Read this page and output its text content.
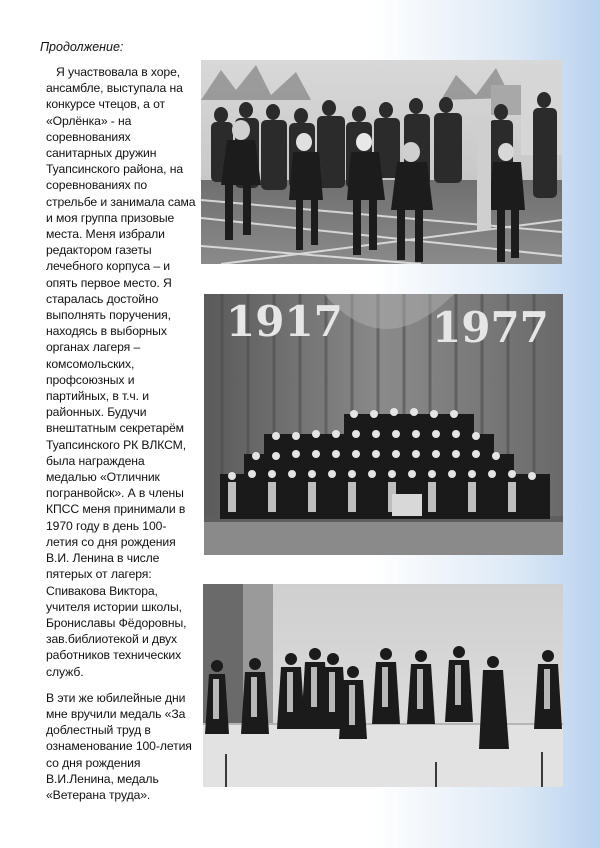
Продолжение:

Я участвовала в хоре, ансамбле, выступала на конкурсе чтецов, а от «Орлёнка» - на соревнованиях санитарных дружин Туапсинского района, на соревнованиях по стрельбе и занимала сама и моя группа призовые места. Меня избрали редактором газеты лечебного корпуса – и опять первое место. Я старалась достойно выполнять поручения, находясь в выборных органах лагеря – комсомольских, профсоюзных и партийных, в т.ч. и районных. Будучи внештатным секретарём Туапсинского РК ВЛКСМ, была награждена медалью «Отличник погранвойск». А в члены КПСС меня принимали в 1970 году в день 100-летия со дня рождения В.И. Ленина в числе пятерых от лагеря: Спивакова Виктора, учителя истории школы, Брониславы Фёдоровны, зав.библиотекой и двух работников технических служб.

В эти же юбилейные дни мне вручили медаль «За доблестный труд в ознаменование 100-летия со дня рождения В.И.Ленина, медаль «Ветерана труда».

1917 1977
